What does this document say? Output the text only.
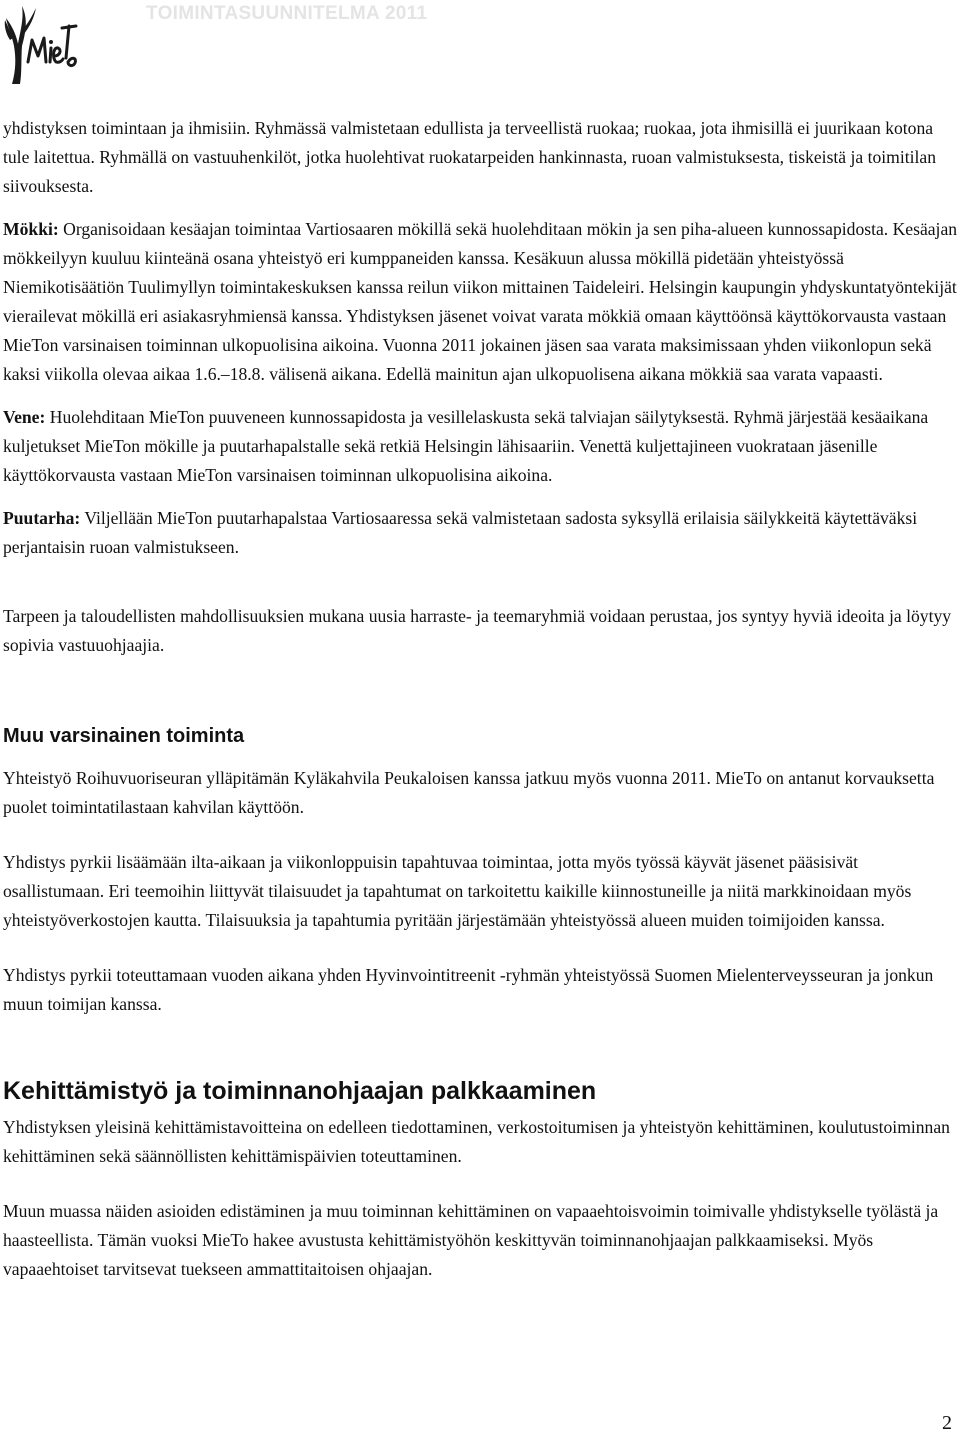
TOIMINTASUUNNITELMA 2011

yhdistyksen toimintaan ja ihmisiin. Ryhmässä valmistetaan edullista ja terveellistä ruokaa; ruokaa, jota ihmisillä ei juurikaan kotona tule laitettua. Ryhmällä on vastuuhenkilöt, jotka huolehtivat ruokatarpeiden hankinnasta, ruoan valmistuksesta, tiskeistä ja toimitilan siivouksesta.

Mökki: Organisoidaan kesäajan toimintaa Vartiosaaren mökillä sekä huolehditaan mökin ja sen piha-alueen kunnossapidosta. Kesäajan mökkeilyyn kuuluu kiinteänä osana yhteistyö eri kumppaneiden kanssa. Kesäkuun alussa mökillä pidetään yhteistyössä Niemikotisäätiön Tuulimyllyn toimintakeskuksen kanssa reilun viikon mittainen Taideleiri. Helsingin kaupungin yhdyskuntatyöntekijät vierailevat mökillä eri asiakasryhmiensä kanssa. Yhdistyksen jäsenet voivat varata mökkiä omaan käyttöönsä käyttökorvausta vastaan MieTon varsinaisen toiminnan ulkopuolisina aikoina. Vuonna 2011 jokainen jäsen saa varata maksimissaan yhden viikonlopun sekä kaksi viikolla olevaa aikaa 1.6.–18.8. välisenä aikana. Edellä mainitun ajan ulkopuolisena aikana mökkiä saa varata vapaasti.

Vene: Huolehditaan MieTon puuveneen kunnossapidosta ja vesillelaskusta sekä talviajan säilytyksestä. Ryhmä järjestää kesäaikana kuljetukset MieTon mökille ja puutarhapalstalle sekä retkiä Helsingin lähisaariin. Venettä kuljettajineen vuokrataan jäsenille käyttökorvausta vastaan MieTon varsinaisen toiminnan ulkopuolisina aikoina.

Puutarha: Viljellään MieTon puutarhapalstaa Vartiosaaressa sekä valmistetaan sadosta syksyllä erilaisia säilykkeitä käytettäväksi perjantaisin ruoan valmistukseen.

Tarpeen ja taloudellisten mahdollisuuksien mukana uusia harraste- ja teemaryhmiä voidaan perustaa, jos syntyy hyviä ideoita ja löytyy sopivia vastuuohjaajia.

Muu varsinainen toiminta

Yhteistyö Roihuvuoriseuran ylläpitämän Kyläkahvila Peukaloisen kanssa jatkuu myös vuonna 2011. MieTo on antanut korvauksetta puolet toimintatilastaan kahvilan käyttöön.

Yhdistys pyrkii lisäämään ilta-aikaan ja viikonloppuisin tapahtuvaa toimintaa, jotta myös työssä käyvät jäsenet pääsisivät osallistumaan. Eri teemoihin liittyvät tilaisuudet ja tapahtumat on tarkoitettu kaikille kiinnostuneille ja niitä markkinoidaan myös yhteistyöverkostojen kautta. Tilaisuuksia ja tapahtumia pyritään järjestämään yhteistyössä alueen muiden toimijoiden kanssa.

Yhdistys pyrkii toteuttamaan vuoden aikana yhden Hyvinvointitreenit -ryhmän yhteistyössä Suomen Mielenterveysseuran ja jonkun muun toimijan kanssa.

Kehittämistyö ja toiminnanohjaajan palkkaaminen

Yhdistyksen yleisinä kehittämistavoitteina on edelleen tiedottaminen, verkostoitumisen ja yhteistyön kehittäminen, koulutustoiminnan kehittäminen sekä säännöllisten kehittämispäivien toteuttaminen.

Muun muassa näiden asioiden edistäminen ja muu toiminnan kehittäminen on vapaaehtoisvoimin toimivalle yhdistykselle työlästä ja haasteellista. Tämän vuoksi MieTo hakee avustusta kehittämistyöhön keskittyvän toiminnanohjaajan palkkaamiseksi. Myös vapaaehtoiset tarvitsevat tuekseen ammattitaitoisen ohjaajan.

2
